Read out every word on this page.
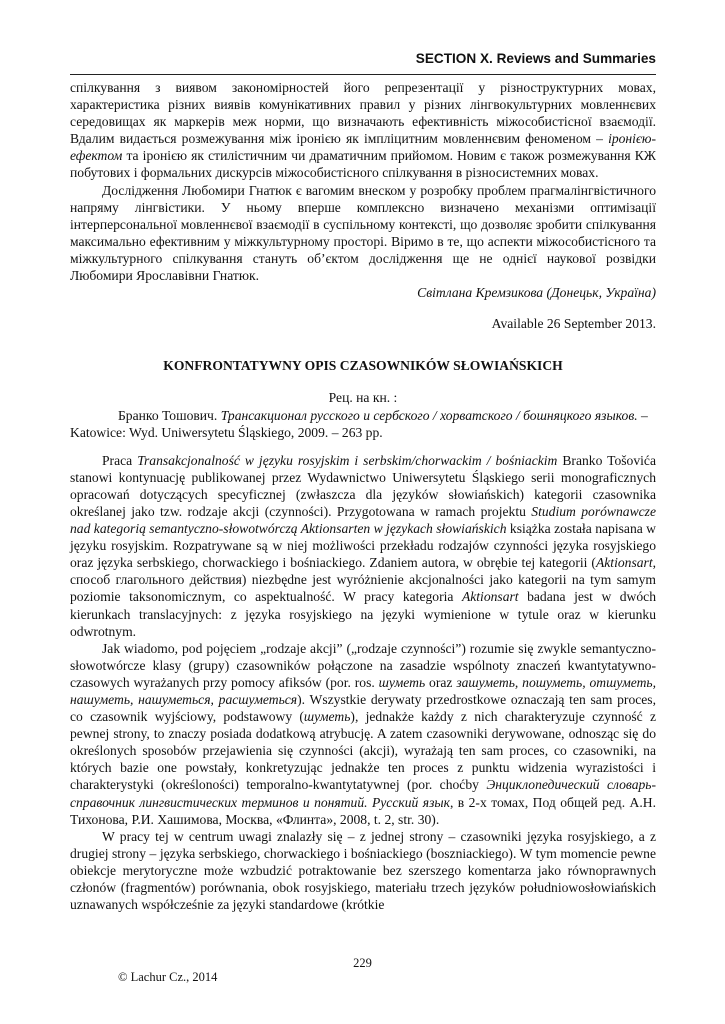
SECTION X. Reviews and Summaries

спілкування з виявом закономірностей його репрезентації у різноструктурних мовах, характеристика різних виявів комунікативних правил у різних лінгвокультурних мовленнєвих середовищах як маркерів меж норми, що визначають ефективність міжособистісної взаємодії. Вдалим видається розмежування між іронією як імпліцитним мовленнєвим феноменом – іронією-ефектом та іронією як стилістичним чи драматичним прийомом. Новим є також розмежування КЖ побутових і формальних дискурсів міжособистісного спілкування в різносистемних мовах.

Дослідження Любомири Гнатюк є вагомим внеском у розробку проблем прагмалінгвістичного напряму лінгвістики. У ньому вперше комплексно визначено механізми оптимізації інтерперсональної мовленнєвої взаємодії в суспільному контексті, що дозволяє зробити спілкування максимально ефективним у міжкультурному просторі. Віримо в те, що аспекти міжособистісного та міжкультурного спілкування стануть об’єктом дослідження ще не однієї наукової розвідки Любомири Ярославівни Гнатюк.

Світлана Кремзикова (Донецьк, Україна)

Available 26 September 2013.

KONFRONTATYWNY OPIS CZASOWNIKÓW SŁOWIAŃSKICH

Рец. на кн. :

Бранко Тошович. Трансакционал русского и сербского / хорватского / бошняцкого языков. – Katowice: Wyd. Uniwersytetu Śląskiego, 2009. – 263 pp.

Praca Transakcjonalność w języku rosyjskim i serbskim/chorwackim / bośniackim Branko Tošovića stanowi kontynuację publikowanej przez Wydawnictwo Uniwersytetu Śląskiego serii monograficznych opracowań dotyczących specyficznej (zwłaszcza dla języków słowiańskich) kategorii czasownika określanej jako tzw. rodzaje akcji (czynności). Przygotowana w ramach projektu Studium porównawcze nad kategorią semantyczno-słowotwórczą Aktionsarten w językach słowiańskich książka została napisana w języku rosyjskim. Rozpatrywane są w niej możliwości przekładu rodzajów czynności języka rosyjskiego oraz języka serbskiego, chorwackiego i bośniackiego. Zdaniem autora, w obrębie tej kategorii (Aktionsart, способ глагольного действия) niezbędne jest wyróżnienie akcjonalności jako kategorii na tym samym poziomie taksonomicznym, co aspektualność. W pracy kategoria Aktionsart badana jest w dwóch kierunkach translacyjnych: z języka rosyjskiego na języki wymienione w tytule oraz w kierunku odwrotnym.

Jak wiadomo, pod pojęciem „rodzaje akcji” („rodzaje czynności”) rozumie się zwykle semantyczno-słowotwórcze klasy (grupy) czasowników połączone na zasadzie wspólnoty znaczeń kwantytatywno-czasowych wyrażanych przy pomocy afiksów (por. ros. шуметь oraz зашуметь, пошуметь, отшуметь, нашуметь, нашуметься, расшуметься). Wszystkie derywaty przedrostkowe oznaczają ten sam proces, co czasownik wyjściowy, podstawowy (шуметь), jednakże każdy z nich charakteryzuje czynność z pewnej strony, to znaczy posiada dodatkową atrybucję. A zatem czasowniki derywowane, odnosząc się do określonych sposobów przejawienia się czynności (akcji), wyrażają ten sam proces, co czasowniki, na których bazie one powstały, konkretyzując jednakże ten proces z punktu widzenia wyrazistości i charakterystyki (określoności) temporalno-kwantytatywnej (por. choćby Энциклопедический словарь-справочник лингвистических терминов и понятий. Русский язык, в 2-х томах, Под общей ред. А.Н. Тихонова, Р.И. Хашимова, Москва, «Флинта», 2008, t. 2, str. 30).

W pracy tej w centrum uwagi znalazły się – z jednej strony – czasowniki języka rosyjskiego, a z drugiej strony – języka serbskiego, chorwackiego i bośniackiego (boszniackiego). W tym momencie pewne obiekcje merytoryczne może wzbudzić potraktowanie bez szerszego komentarza jako równoprawnych członów (fragmentów) porównania, obok rosyjskiego, materiału trzech języków południowosłowiańskich uznawanych współcześnie za języki standardowe (krótkie

229
© Lachur Cz., 2014
